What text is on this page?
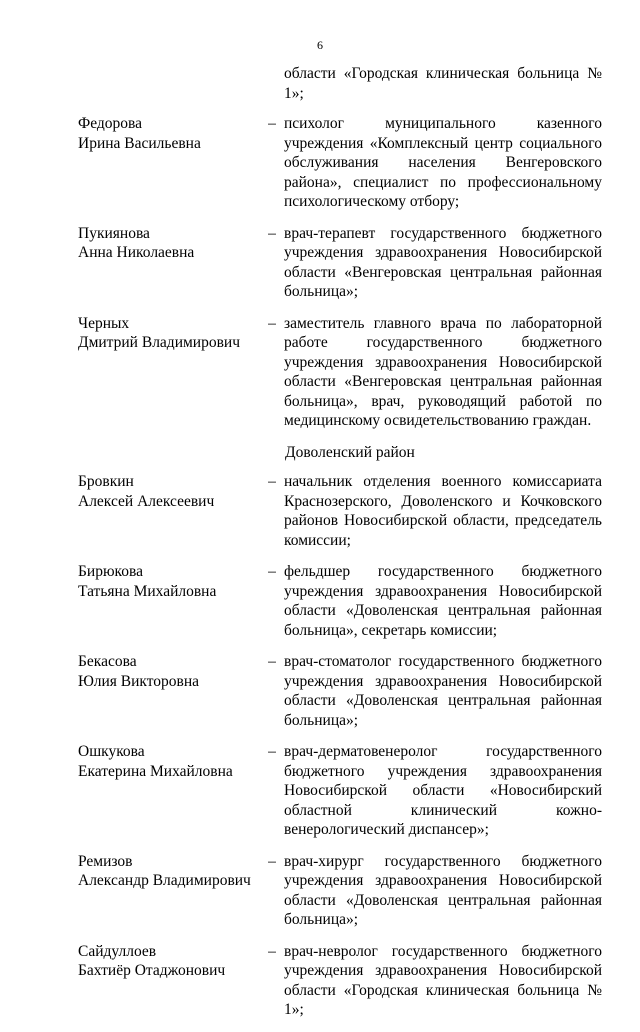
6
области «Городская клиническая больница № 1»;
Федорова
Ирина Васильевна
– психолог муниципального казенного учреждения «Комплексный центр социального обслуживания населения Венгеровского района», специалист по профессиональному психологическому отбору;
Пукиянова
Анна Николаевна
– врач-терапевт государственного бюджетного учреждения здравоохранения Новосибирской области «Венгеровская центральная районная больница»;
Черных
Дмитрий Владимирович
– заместитель главного врача по лабораторной работе государственного бюджетного учреждения здравоохранения Новосибирской области «Венгеровская центральная районная больница», врач, руководящий работой по медицинскому освидетельствованию граждан.
Доволенский район
Бровкин
Алексей Алексеевич
– начальник отделения военного комиссариата Краснозерского, Доволенского и Кочковского районов Новосибирской области, председатель комиссии;
Бирюкова
Татьяна Михайловна
– фельдшер государственного бюджетного учреждения здравоохранения Новосибирской области «Доволенская центральная районная больница», секретарь комиссии;
Бекасова
Юлия Викторовна
– врач-стоматолог государственного бюджетного учреждения здравоохранения Новосибирской области «Доволенская центральная районная больница»;
Ошкукова
Екатерина Михайловна
– врач-дерматовенеролог государственного бюджетного учреждения здравоохранения Новосибирской области «Новосибирский областной клинический кожно-венерологический диспансер»;
Ремизов
Александр Владимирович
– врач-хирург государственного бюджетного учреждения здравоохранения Новосибирской области «Доволенская центральная районная больница»;
Сайдуллоев
Бахтиёр Отаджонович
– врач-невролог государственного бюджетного учреждения здравоохранения Новосибирской области «Городская клиническая больница № 1»;
